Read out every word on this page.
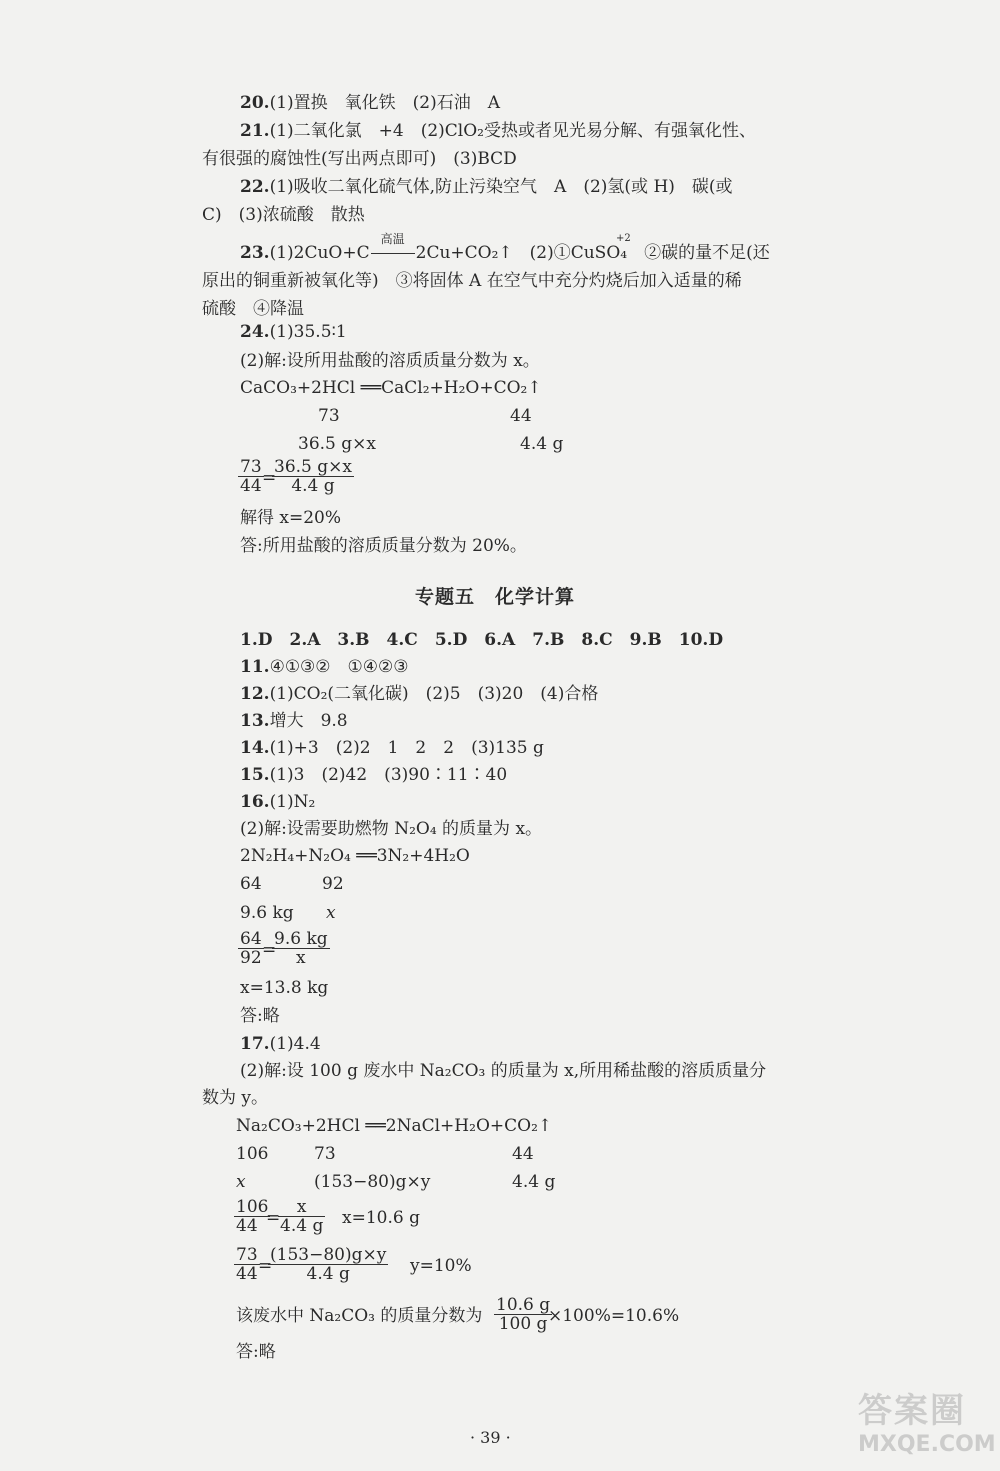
20.(1)置换　氧化铁　(2)石油　A
21.(1)二氧化氯　+4　(2)ClO₂受热或者见光易分解、有强氧化性、
有很强的腐蚀性(写出两点即可)　(3)BCD
22.(1)吸收二氧化硫气体,防止污染空气　A　(2)氢(或 H)　碳(或
C)　(3)浓硫酸　散热
23.(1)2CuO+C
高温
2Cu+CO₂↑　(2)①CuSO₄　②碳的量不足(还
+2
原出的铜重新被氧化等)　③将固体 A 在空气中充分灼烧后加入适量的稀
硫酸　④降温
24.(1)35.5∶1
(2)解:设所用盐酸的溶质质量分数为 x。
CaCO₃+2HCl ══CaCl₂+H₂O+CO₂↑
73	44
36.5 g×x	4.4 g
$\frac{73}{44}$
=
$\frac{36.5 g\times x}{4.4 g}$
解得 x=20%
答:所用盐酸的溶质质量分数为 20%。
专题五　化学计算
1.D　2.A　3.B　4.C　5.D　6.A　7.B　8.C　9.B　10.D
11.④①③②　①④②③
12.(1)CO₂(二氧化碳)　(2)5　(3)20　(4)合格
13.增大　9.8
14.(1)+3　(2)2　1　2　2　(3)135 g
15.(1)3　(2)42　(3)90∶11∶40
16.(1)N₂
(2)解:设需要助燃物 N₂O₄ 的质量为 x。
2N₂H₄+N₂O₄ ══3N₂+4H₂O
64	92
9.6 kg x
$\frac{64}{92}$
=
$\frac{9.6 kg}{x}$
x=13.8 kg
答:略
17.(1)4.4
(2)解:设 100 g 废水中 Na₂CO₃ 的质量为 x,所用稀盐酸的溶质质量分
数为 y。
Na₂CO₃+2HCl ══2NaCl+H₂O+CO₂↑
106	73	44
x	(153−80)g×y	4.4 g
$\frac{106}{44}$
=
$\frac{x}{4.4 g} x=10.6$ g
$\frac{73}{44}$
=
$\frac{(153-80)g\times y}{4.4 g} y=10\%$
该废水中 Na₂CO₃ 的质量分数为 $\frac{10.6 g}{100 g}$
×100%=10.6%
答:略
· 39 ·
答案圈
MXQE.COM
